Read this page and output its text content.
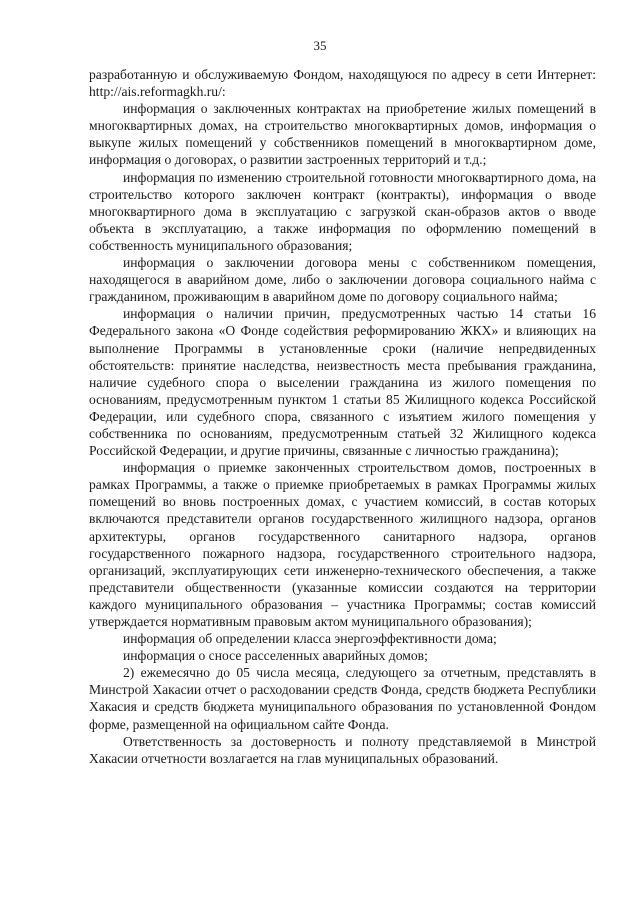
35

разработанную и обслуживаемую Фондом, находящуюся по адресу в сети Интернет: http://ais.reformagkh.ru/:

информация о заключенных контрактах на приобретение жилых помещений в многоквартирных домах, на строительство многоквартирных домов, информация о выкупе жилых помещений у собственников помещений в многоквартирном доме, информация о договорах, о развитии застроенных территорий и т.д.;

информация по изменению строительной готовности многоквартирного дома, на строительство которого заключен контракт (контракты), информация о вводе многоквартирного дома в эксплуатацию с загрузкой скан-образов актов о вводе объекта в эксплуатацию, а также информация по оформлению помещений в собственность муниципального образования;

информация о заключении договора мены с собственником помещения, находящегося в аварийном доме, либо о заключении договора социального найма с гражданином, проживающим в аварийном доме по договору социального найма;

информация о наличии причин, предусмотренных частью 14 статьи 16 Федерального закона «О Фонде содействия реформированию ЖКХ» и влияющих на выполнение Программы в установленные сроки (наличие непредвиденных обстоятельств: принятие наследства, неизвестность места пребывания гражданина, наличие судебного спора о выселении гражданина из жилого помещения по основаниям, предусмотренным пунктом 1 статьи 85 Жилищного кодекса Российской Федерации, или судебного спора, связанного с изъятием жилого помещения у собственника по основаниям, предусмотренным статьей 32 Жилищного кодекса Российской Федерации, и другие причины, связанные с личностью гражданина);

информация о приемке законченных строительством домов, построенных в рамках Программы, а также о приемке приобретаемых в рамках Программы жилых помещений во вновь построенных домах, с участием комиссий, в состав которых включаются представители органов государственного жилищного надзора, органов архитектуры, органов государственного санитарного надзора, органов государственного пожарного надзора, государственного строительного надзора, организаций, эксплуатирующих сети инженерно-технического обеспечения, а также представители общественности (указанные комиссии создаются на территории каждого муниципального образования – участника Программы; состав комиссий утверждается нормативным правовым актом муниципального образования);

информация об определении класса энергоэффективности дома;

информация о сносе расселенных аварийных домов;

2) ежемесячно до 05 числа месяца, следующего за отчетным, представлять в Минстрой Хакасии отчет о расходовании средств Фонда, средств бюджета Республики Хакасия и средств бюджета муниципального образования по установленной Фондом форме, размещенной на официальном сайте Фонда.

Ответственность за достоверность и полноту представляемой в Минстрой Хакасии отчетности возлагается на глав муниципальных образований.
